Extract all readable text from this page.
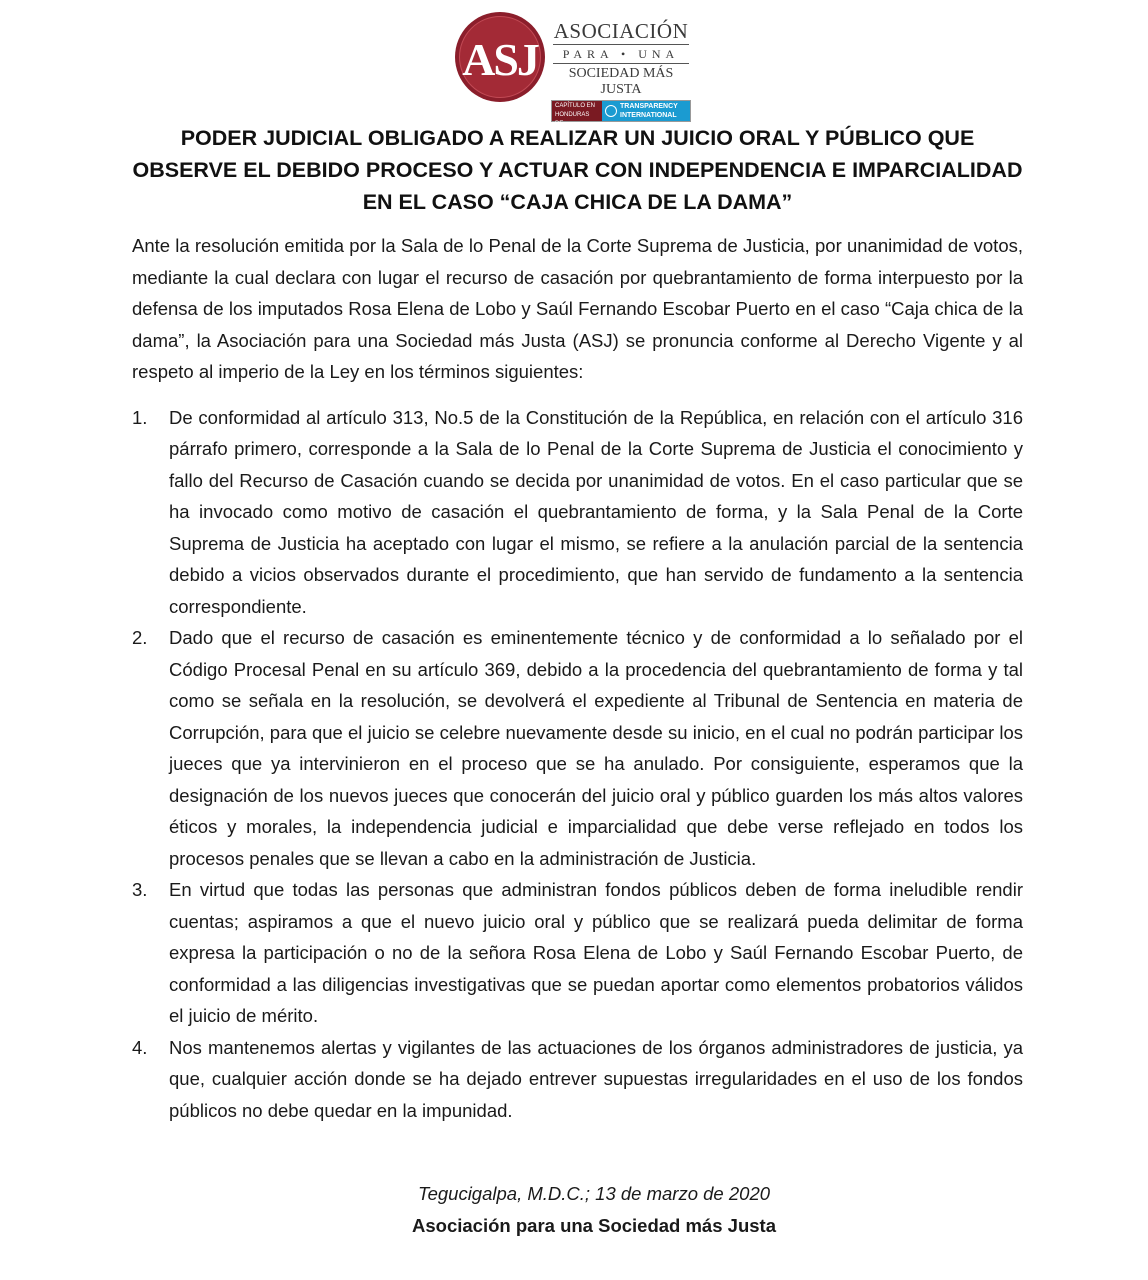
ASJ
ASOCIACIÓN
PARA • UNA
SOCIEDAD MÁS JUSTA
CAPÍTULO EN HONDURAS DE
TRANSPARENCY INTERNATIONAL
PODER JUDICIAL OBLIGADO A REALIZAR UN JUICIO ORAL Y PÚBLICO QUE OBSERVE EL DEBIDO PROCESO Y ACTUAR CON INDEPENDENCIA E IMPARCIALIDAD EN EL CASO “CAJA CHICA DE LA DAMA”

Ante la resolución emitida por la Sala de lo Penal de la Corte Suprema de Justicia, por unanimidad de votos, mediante la cual declara con lugar el recurso de casación por quebrantamiento de forma interpuesto por la defensa de los imputados Rosa Elena de Lobo y Saúl Fernando Escobar Puerto en el caso “Caja chica de la dama”, la Asociación para una Sociedad más Justa (ASJ) se pronuncia conforme al Derecho Vigente y al respeto al imperio de la Ley en los términos siguientes:

1. De conformidad al artículo 313, No.5 de la Constitución de la República, en relación con el artículo 316 párrafo primero, corresponde a la Sala de lo Penal de la Corte Suprema de Justicia el conocimiento y fallo del Recurso de Casación cuando se decida por unanimidad de votos. En el caso particular que se ha invocado como motivo de casación el quebrantamiento de forma, y la Sala Penal de la Corte Suprema de Justicia ha aceptado con lugar el mismo, se refiere a la anulación parcial de la sentencia debido a vicios observados durante el procedimiento, que han servido de fundamento a la sentencia correspondiente.
2. Dado que el recurso de casación es eminentemente técnico y de conformidad a lo señalado por el Código Procesal Penal en su artículo 369, debido a la procedencia del quebrantamiento de forma y tal como se señala en la resolución, se devolverá el expediente al Tribunal de Sentencia en materia de Corrupción, para que el juicio se celebre nuevamente desde su inicio, en el cual no podrán participar los jueces que ya intervinieron en el proceso que se ha anulado. Por consiguiente, esperamos que la designación de los nuevos jueces que conocerán del juicio oral y público guarden los más altos valores éticos y morales, la independencia judicial e imparcialidad que debe verse reflejado en todos los procesos penales que se llevan a cabo en la administración de Justicia.
3. En virtud que todas las personas que administran fondos públicos deben de forma ineludible rendir cuentas; aspiramos a que el nuevo juicio oral y público que se realizará pueda delimitar de forma expresa la participación o no de la señora Rosa Elena de Lobo y Saúl Fernando Escobar Puerto, de conformidad a las diligencias investigativas que se puedan aportar como elementos probatorios válidos el juicio de mérito.
4. Nos mantenemos alertas y vigilantes de las actuaciones de los órganos administradores de justicia, ya que, cualquier acción donde se ha dejado entrever supuestas irregularidades en el uso de los fondos públicos no debe quedar en la impunidad.
Tegucigalpa, M.D.C.; 13 de marzo de 2020
Asociación para una Sociedad más Justa
